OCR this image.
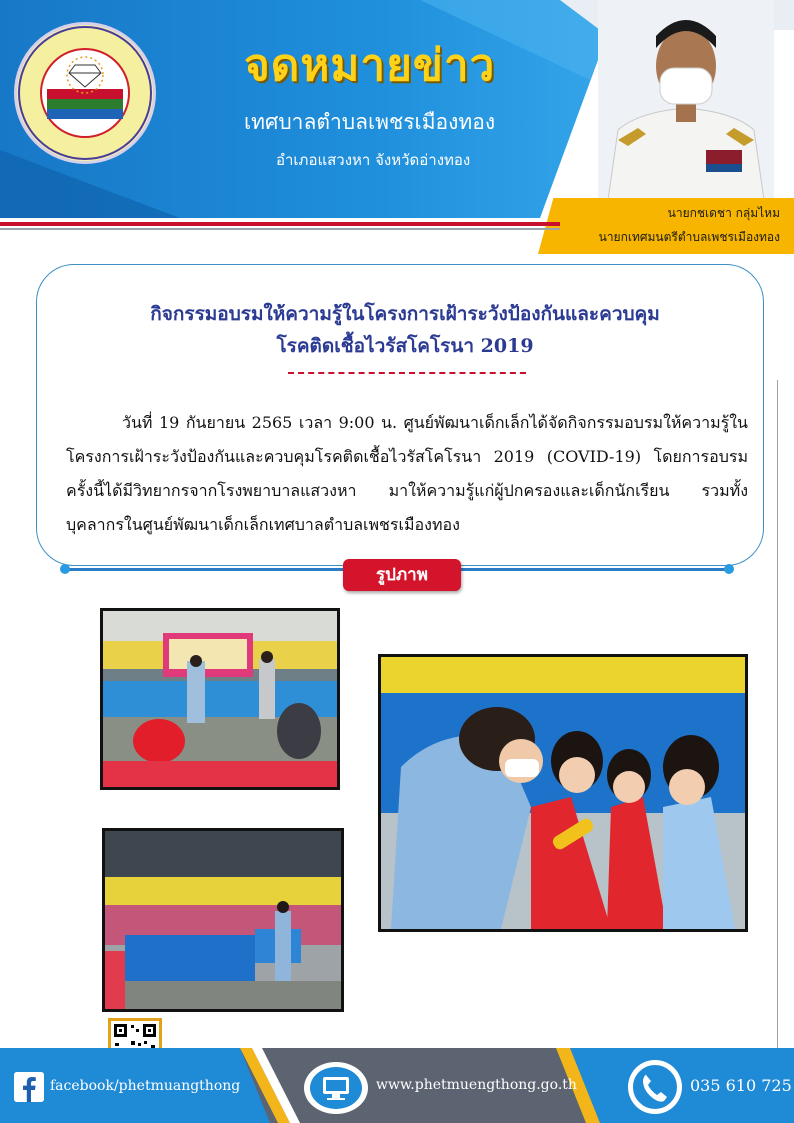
จดหมายข่าว
เทศบาลตำบลเพชรเมืองทอง
อำเภอแสวงหา จังหวัดอ่างทอง
นายกชเดชา กลุ่มไหม
นายกเทศมนตรีตำบลเพชรเมืองทอง
กิจกรรมอบรมให้ความรู้ในโครงการเฝ้าระวังป้องกันและควบคุม
โรคติดเชื้อไวรัสโคโรนา 2019
วันที่ 19 กันยายน 2565 เวลา 9:00 น. ศูนย์พัฒนาเด็กเล็กได้จัดกิจกรรมอบรมให้ความรู้ในโครงการเฝ้าระวังป้องกันและควบคุมโรคติดเชื้อไวรัสโคโรนา 2019 (COVID-19) โดยการอบรมครั้งนี้ได้มีวิทยากรจากโรงพยาบาลแสวงหา มาให้ความรู้แก่ผู้ปกครองและเด็กนักเรียน รวมทั้งบุคลากรในศูนย์พัฒนาเด็กเล็กเทศบาลตำบลเพชรเมืองทอง
รูปภาพ
facebook/phetmuangthong	www.phetmuengthong.go.th	035 610 725
